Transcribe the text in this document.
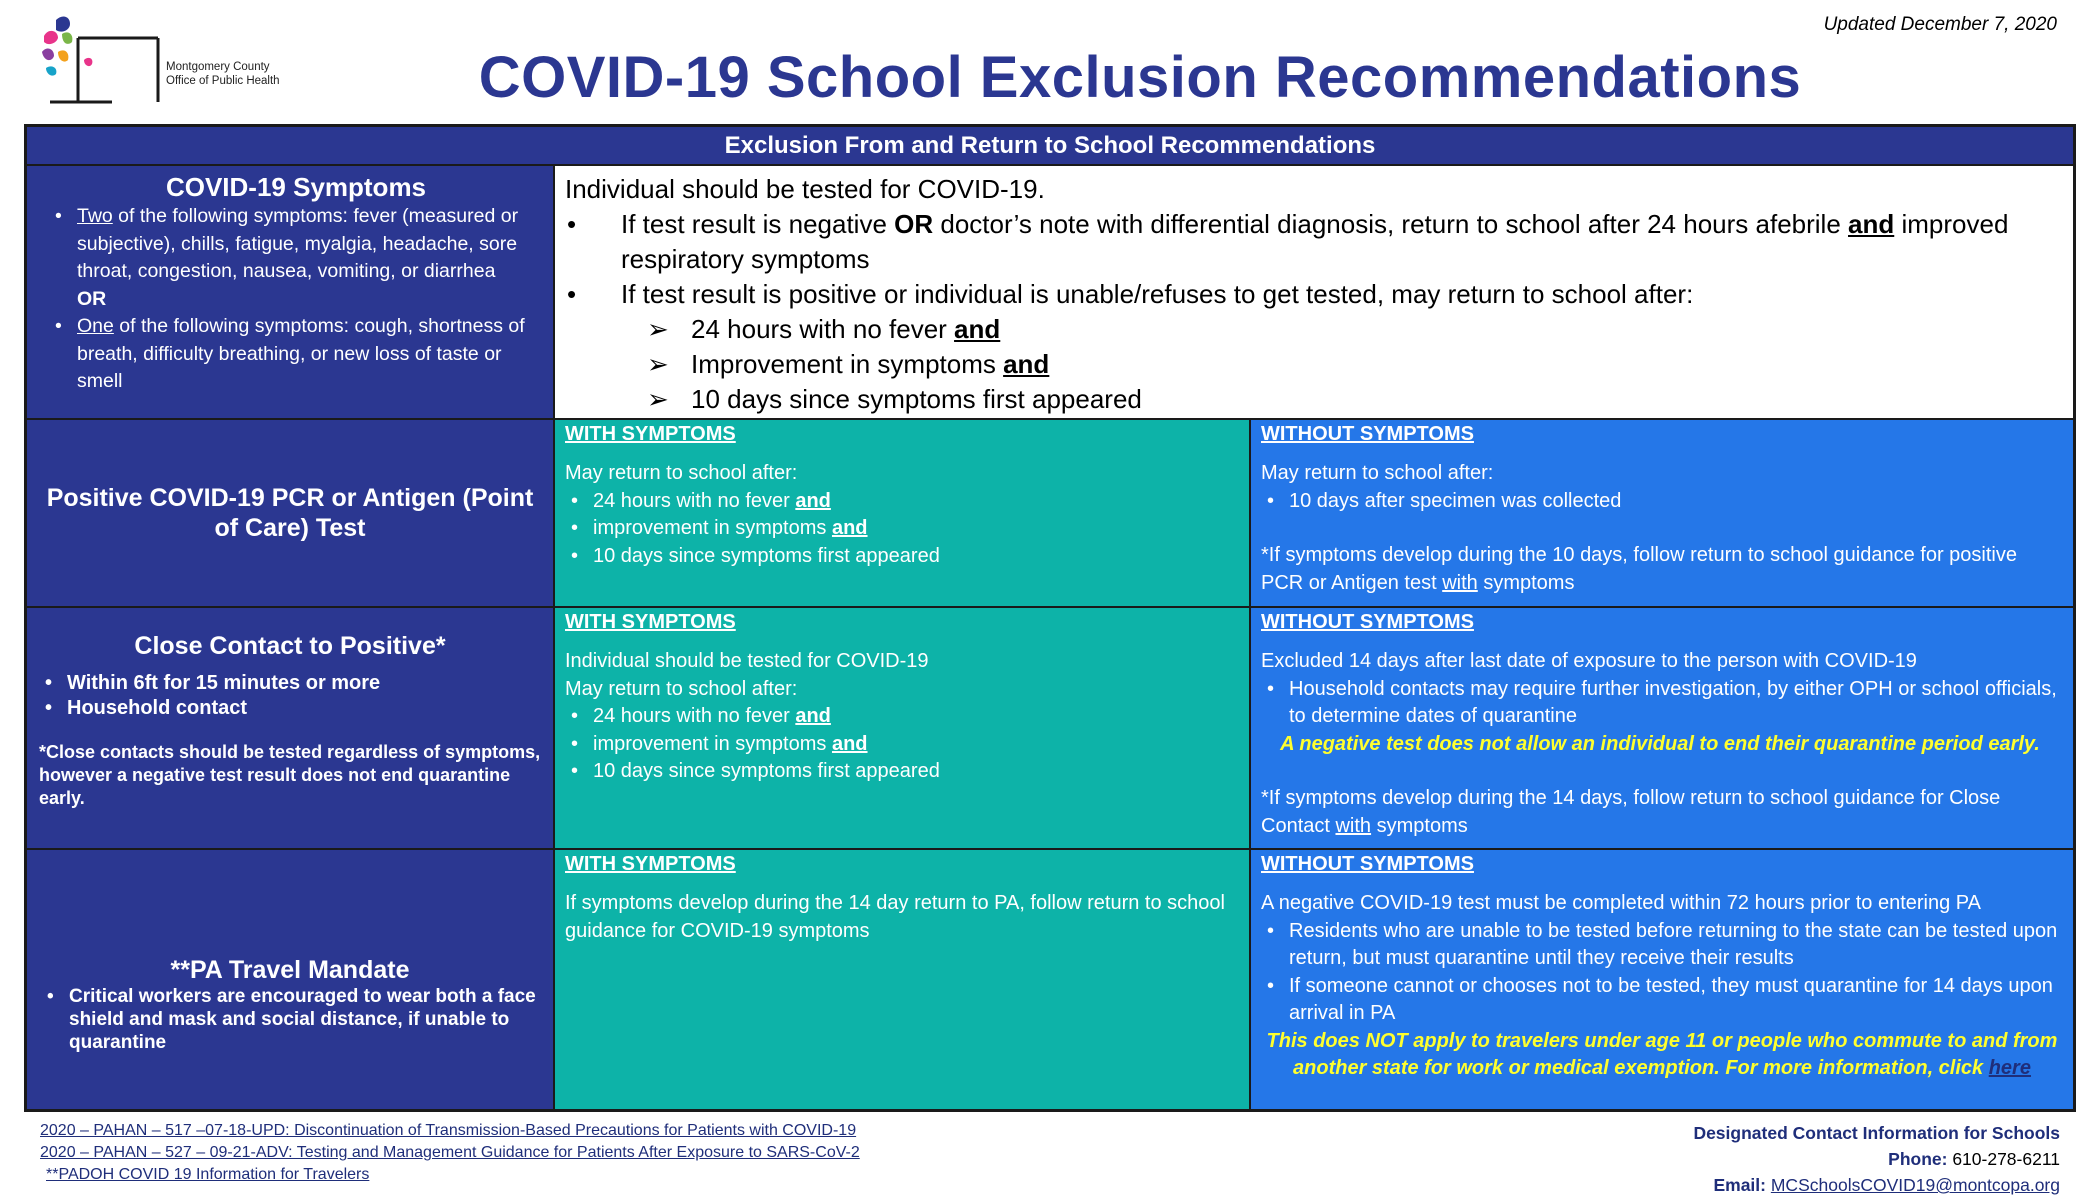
Montgomery County
Office of Public Health
Updated December 7, 2020
COVID-19 School Exclusion Recommendations
Exclusion From and Return to School Recommendations
COVID-19 Symptoms
• Two of the following symptoms: fever (measured or subjective), chills, fatigue, myalgia, headache, sore throat, congestion, nausea, vomiting, or diarrhea
OR
• One of the following symptoms: cough, shortness of breath, difficulty breathing, or new loss of taste or smell
Individual should be tested for COVID-19.
• If test result is negative OR doctor’s note with differential diagnosis, return to school after 24 hours afebrile and improved respiratory symptoms
• If test result is positive or individual is unable/refuses to get tested, may return to school after:
➢ 24 hours with no fever and
➢ Improvement in symptoms and
➢ 10 days since symptoms first appeared
Positive COVID-19 PCR or Antigen (Point of Care) Test
WITH SYMPTOMS
May return to school after:
• 24 hours with no fever and
• improvement in symptoms and
• 10 days since symptoms first appeared
WITHOUT SYMPTOMS
May return to school after:
• 10 days after specimen was collected
*If symptoms develop during the 10 days, follow return to school guidance for positive PCR or Antigen test with symptoms
Close Contact to Positive*
• Within 6ft for 15 minutes or more
• Household contact
*Close contacts should be tested regardless of symptoms, however a negative test result does not end quarantine early.
WITH SYMPTOMS
Individual should be tested for COVID-19
May return to school after:
• 24 hours with no fever and
• improvement in symptoms and
• 10 days since symptoms first appeared
WITHOUT SYMPTOMS
Excluded 14 days after last date of exposure to the person with COVID-19
• Household contacts may require further investigation, by either OPH or school officials, to determine dates of quarantine
A negative test does not allow an individual to end their quarantine period early.
*If symptoms develop during the 14 days, follow return to school guidance for Close Contact with symptoms
**PA Travel Mandate
• Critical workers are encouraged to wear both a face shield and mask and social distance, if unable to quarantine
WITH SYMPTOMS
If symptoms develop during the 14 day return to PA, follow return to school guidance for COVID-19 symptoms
WITHOUT SYMPTOMS
A negative COVID-19 test must be completed within 72 hours prior to entering PA
• Residents who are unable to be tested before returning to the state can be tested upon return, but must quarantine until they receive their results
• If someone cannot or chooses not to be tested, they must quarantine for 14 days upon arrival in PA
This does NOT apply to travelers under age 11 or people who commute to and from another state for work or medical exemption. For more information, click here
2020 – PAHAN – 517 –07-18-UPD: Discontinuation of Transmission-Based Precautions for Patients with COVID-19
2020 – PAHAN – 527 – 09-21-ADV: Testing and Management Guidance for Patients After Exposure to SARS-CoV-2
**PADOH COVID 19 Information for Travelers
Designated Contact Information for Schools
Phone: 610-278-6211
Email: MCSchoolsCOVID19@montcopa.org
